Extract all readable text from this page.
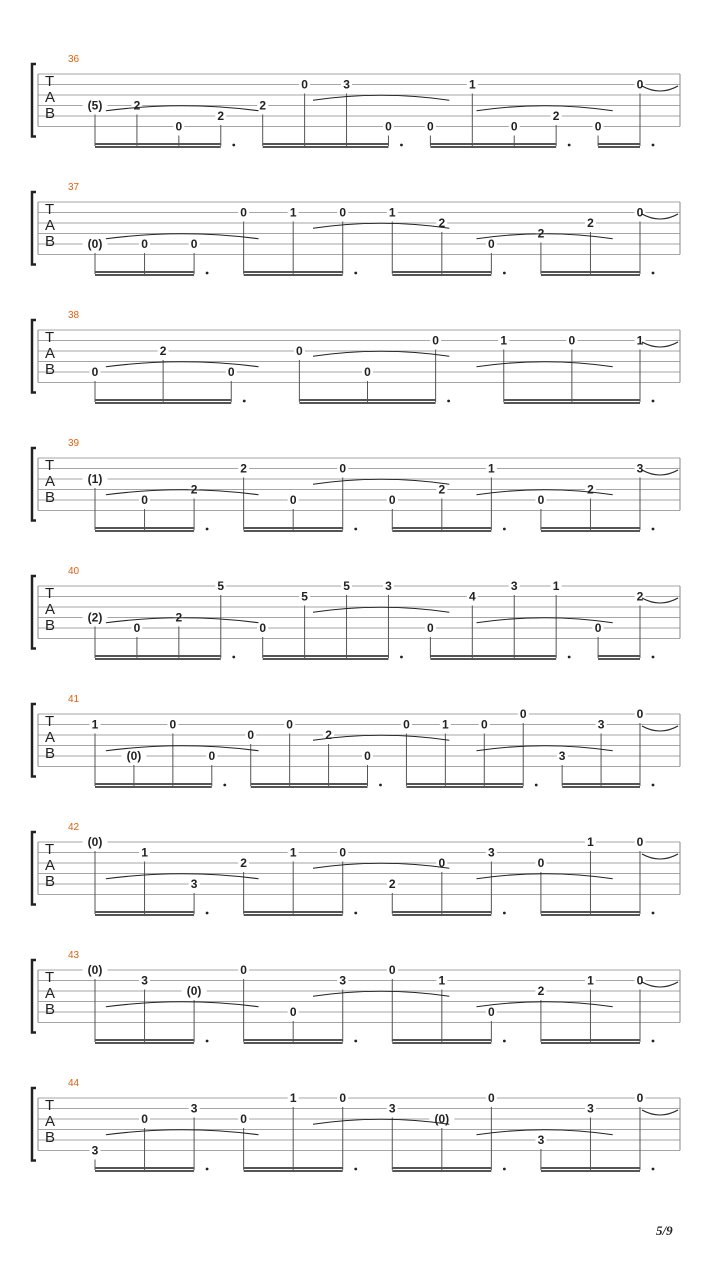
36
T
A
B	(5)	2
0
2
2
0	3
0	0
1
0
2
0
0
37
T
A
B	(0)	0	0
0	1	0	1
2
0
2
2
0
38
T
A
B	0
2
0
0
0
0	1	0	1
39
T
A
B
(1)
0
2
2
0
0
0
2
1
0
2
3
40
T
A
B	(2)
0
2
5
0
5
5	3
0
4
3	1
0
2
41
T
A
B
1
(0)
0
0
0
0
2
0
0	1	0
0
3
3
0
42
T
A
B
(0)
1
3
2
1	0
2
0
3
0
1	0
43
T
A
B
(0)
3
(0)
0
0
3
0
1
0
2
1	0
44
T
A
B
3
0
3
0
1	0
3
(0)
0
3
3
0
5/9
